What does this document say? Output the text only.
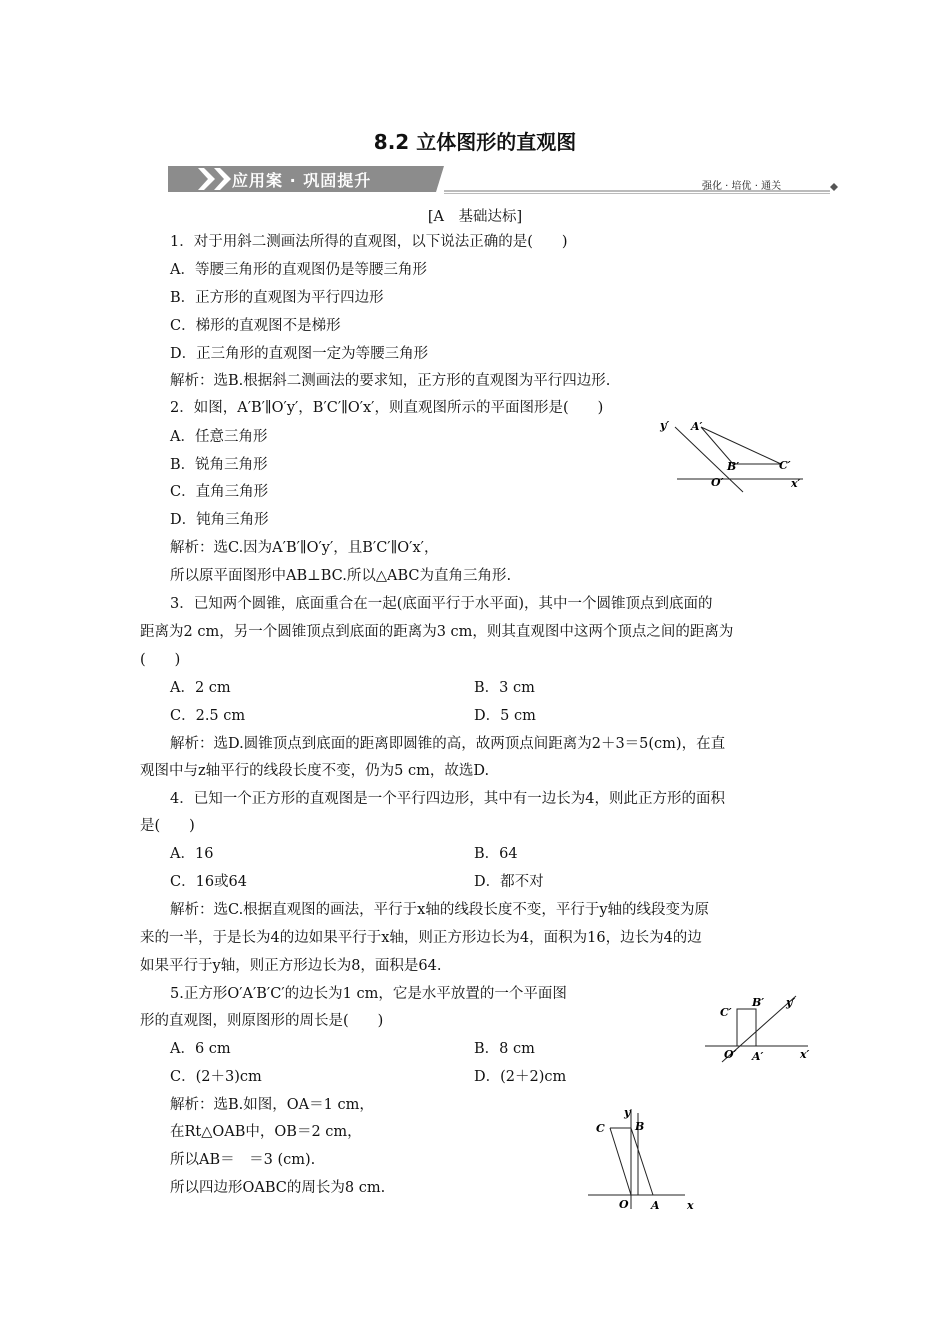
8.2 立体图形的直观图
应用案 · 巩固提升	强化 · 培优 · 通关
[A　基础达标]
1．对于用斜二测画法所得的直观图，以下说法正确的是(　　)
A．等腰三角形的直观图仍是等腰三角形
B．正方形的直观图为平行四边形
C．梯形的直观图不是梯形
D．正三角形的直观图一定为等腰三角形
解析：选B.根据斜二测画法的要求知，正方形的直观图为平行四边形.
2．如图，A′B′∥O′y′，B′C′∥O′x′，则直观图所示的平面图形是(　　)
A．任意三角形
B．锐角三角形
C．直角三角形
D．钝角三角形
解析：选C.因为A′B′∥O′y′，且B′C′∥O′x′，
所以原平面图形中AB⊥BC.所以△ABC为直角三角形.
3．已知两个圆锥，底面重合在一起(底面平行于水平面)，其中一个圆锥顶点到底面的
距离为2 cm，另一个圆锥顶点到底面的距离为3 cm，则其直观图中这两个顶点之间的距离为
(　　)
A．2 cm	B．3 cm
C．2.5 cm	D．5 cm
解析：选D.圆锥顶点到底面的距离即圆锥的高，故两顶点间距离为2＋3＝5(cm)，在直
观图中与z轴平行的线段长度不变，仍为5 cm，故选D.
4．已知一个正方形的直观图是一个平行四边形，其中有一边长为4，则此正方形的面积
是(　　)
A．16	B．64
C．16或64	D．都不对
解析：选C.根据直观图的画法，平行于x轴的线段长度不变，平行于y轴的线段变为原
来的一半，于是长为4的边如果平行于x轴，则正方形边长为4，面积为16，边长为4的边
如果平行于y轴，则正方形边长为8，面积是64.
5.正方形O′A′B′C′的边长为1 cm，它是水平放置的一个平面图
形的直观图，则原图形的周长是(　　)
A．6 cm	B．8 cm
C．(2＋3)cm	D．(2＋2)cm
解析：选B.如图，OA＝1 cm，
在Rt△OAB中，OB＝2 cm，
所以AB＝　＝3 (cm).
所以四边形OABC的周长为8 cm.
y′ A′
B′	C′
O′	x′
C′
B′ y′
O′ A′	x′
y
C	B
O A x
